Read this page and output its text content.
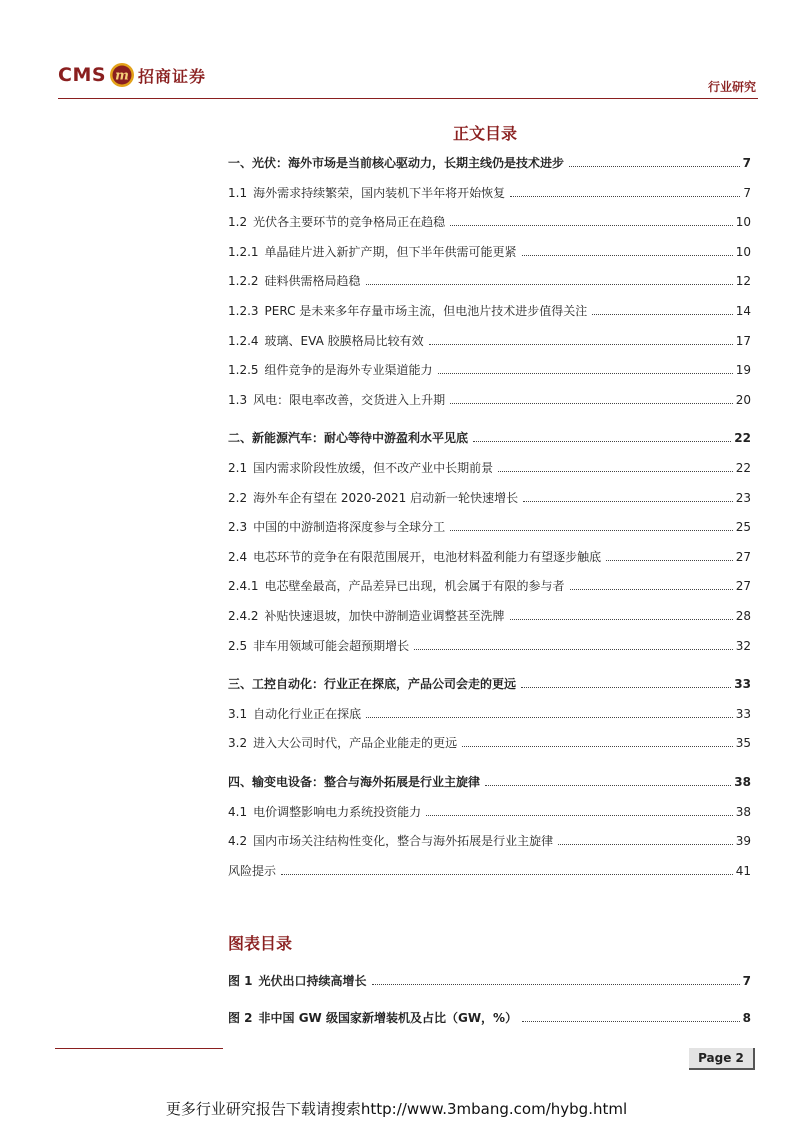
CMS m 招商证券
行业研究
正文目录
一、光伏：海外市场是当前核心驱动力，长期主线仍是技术进步	7
1.1 海外需求持续繁荣，国内装机下半年将开始恢复	7
1.2 光伏各主要环节的竞争格局正在趋稳	10
1.2.1 单晶硅片进入新扩产期，但下半年供需可能更紧	10
1.2.2 硅料供需格局趋稳	12
1.2.3 PERC 是未来多年存量市场主流，但电池片技术进步值得关注	14
1.2.4 玻璃、EVA 胶膜格局比较有效	17
1.2.5 组件竞争的是海外专业渠道能力	19
1.3 风电：限电率改善，交货进入上升期	20
二、新能源汽车：耐心等待中游盈利水平见底	22
2.1 国内需求阶段性放缓，但不改产业中长期前景	22
2.2 海外车企有望在 2020-2021 启动新一轮快速增长	23
2.3 中国的中游制造将深度参与全球分工	25
2.4 电芯环节的竞争在有限范围展开，电池材料盈利能力有望逐步触底	27
2.4.1 电芯壁垒最高，产品差异已出现，机会属于有限的参与者	27
2.4.2 补贴快速退坡，加快中游制造业调整甚至洗牌	28
2.5 非车用领域可能会超预期增长	32
三、工控自动化：行业正在探底，产品公司会走的更远	33
3.1 自动化行业正在探底	33
3.2 进入大公司时代，产品企业能走的更远	35
四、输变电设备：整合与海外拓展是行业主旋律	38
4.1 电价调整影响电力系统投资能力	38
4.2 国内市场关注结构性变化，整合与海外拓展是行业主旋律	39
风险提示	41
图表目录
图 1 光伏出口持续高增长	7
图 2 非中国 GW 级国家新增装机及占比（GW，%）	8
Page 2
更多行业研究报告下载请搜索http://www.3mbang.com/hybg.html
